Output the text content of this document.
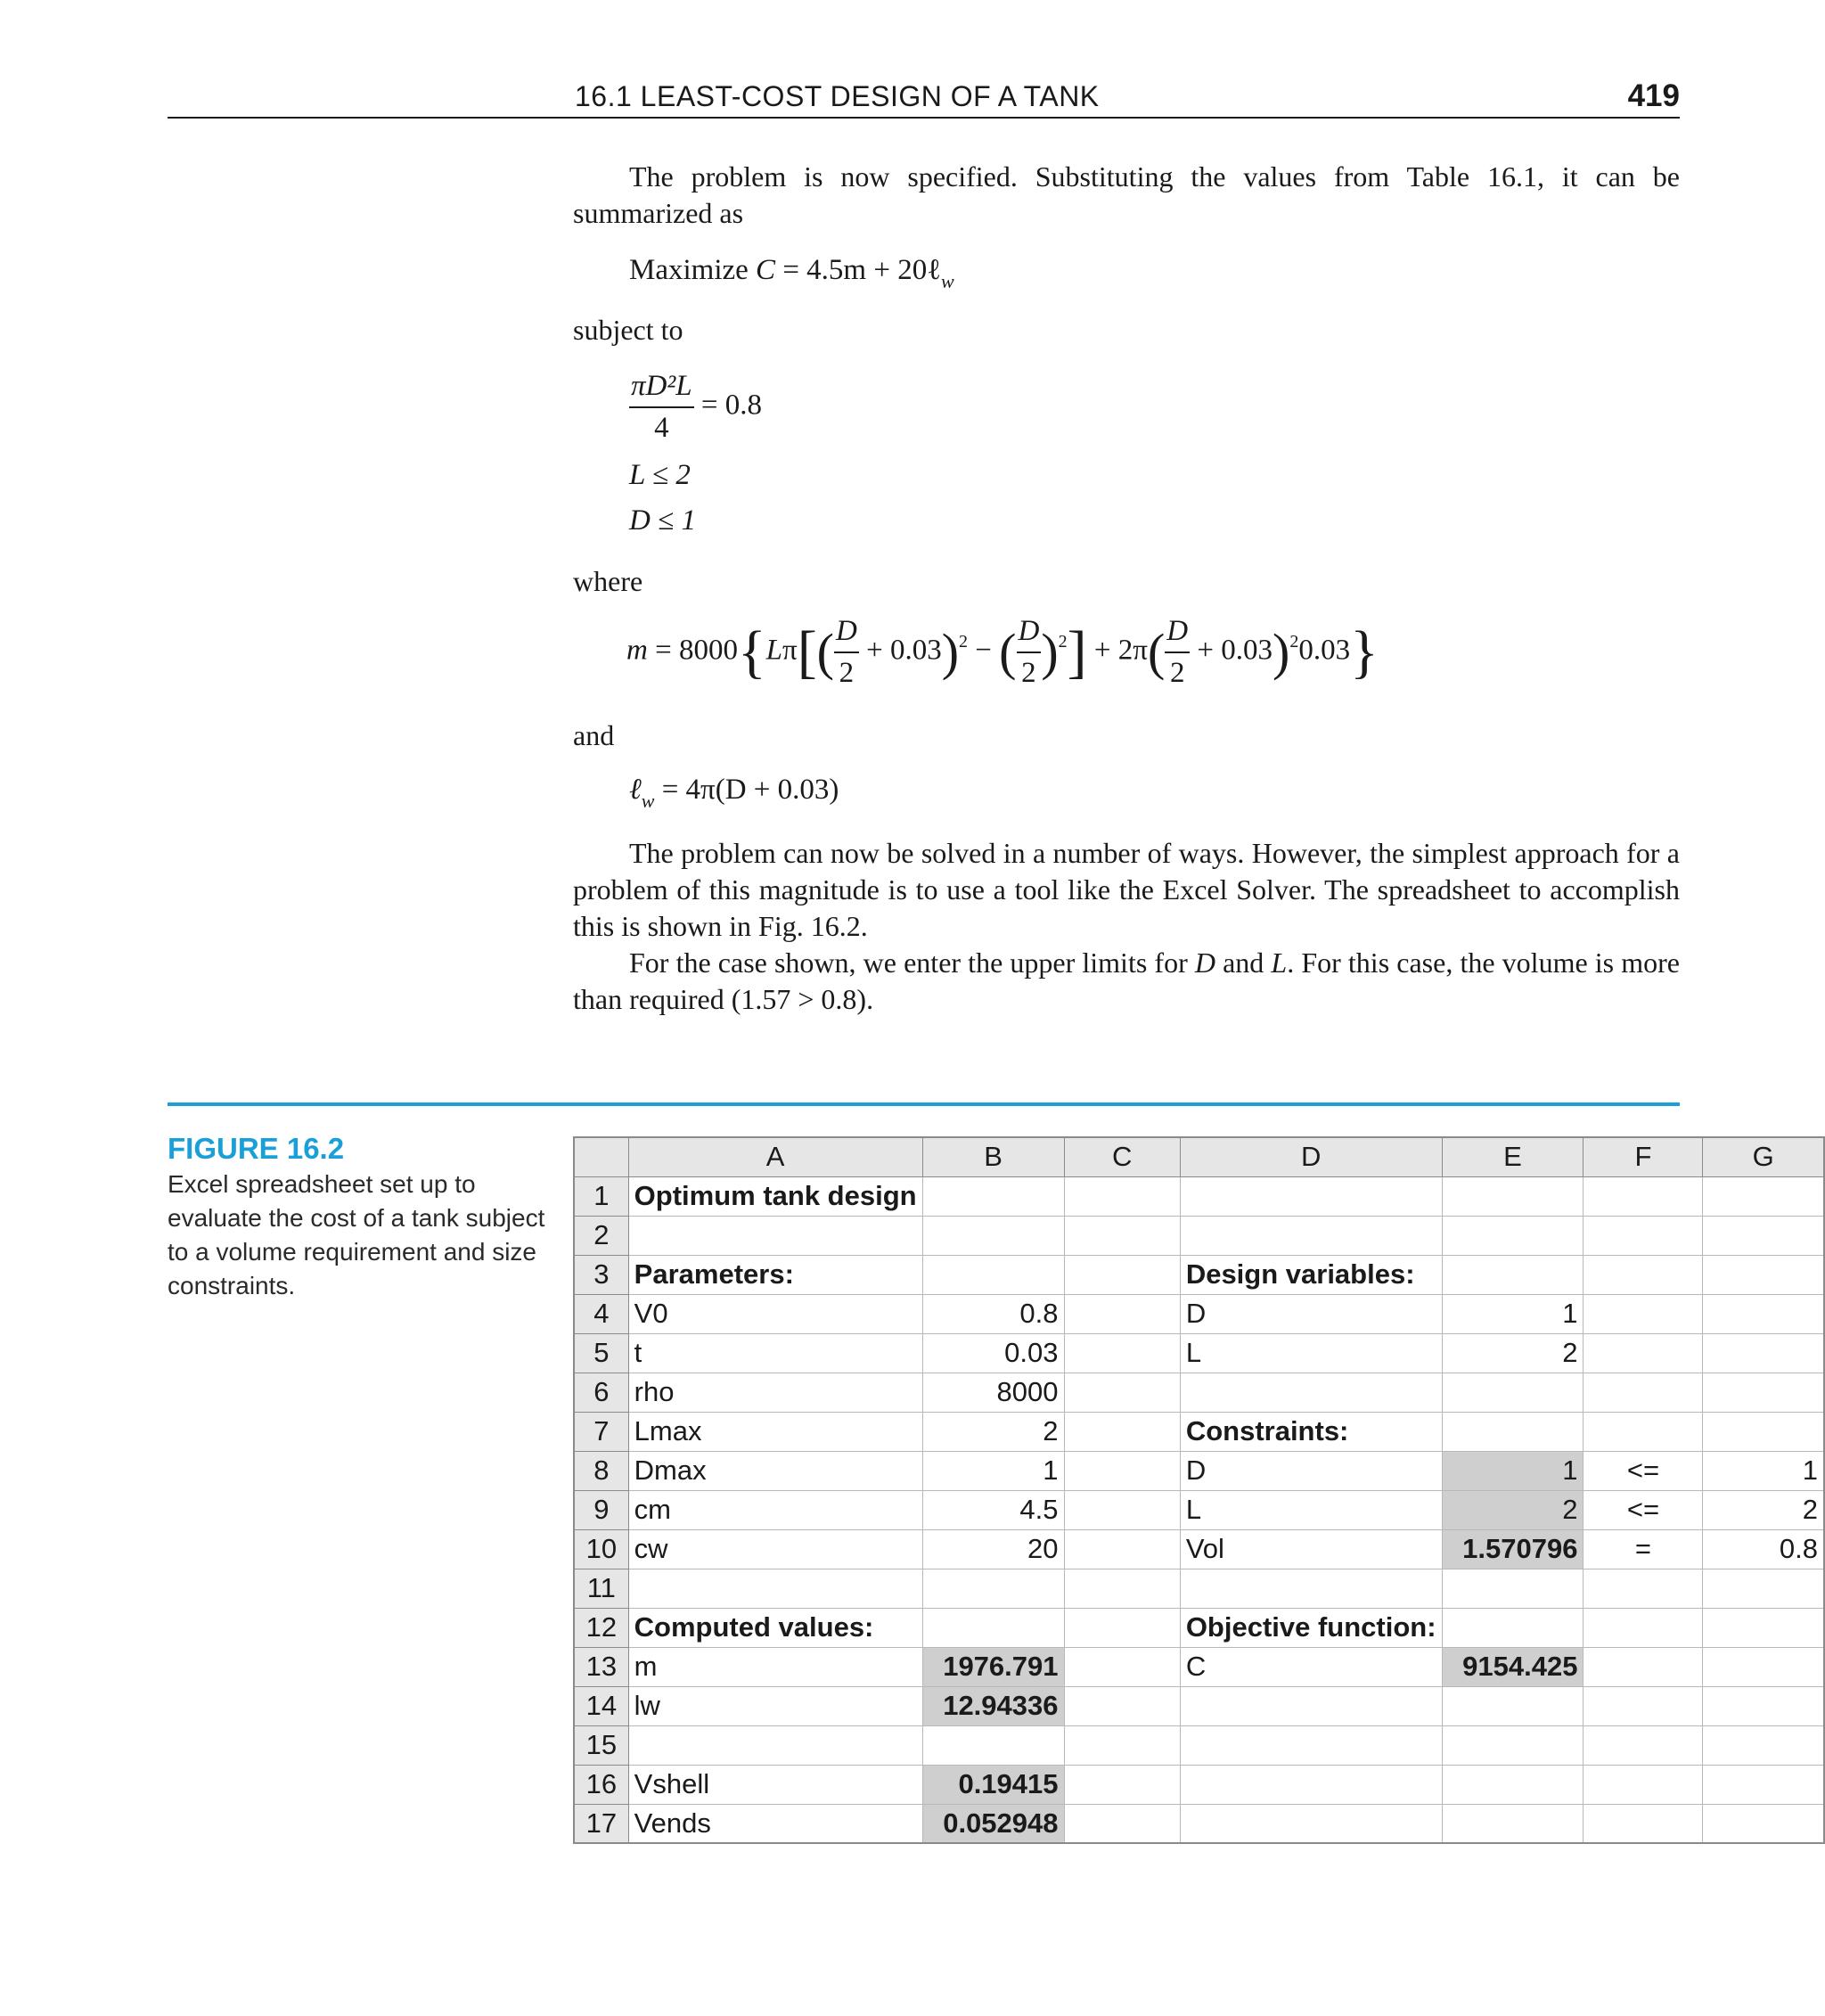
16.1 LEAST-COST DESIGN OF A TANK	419
The problem is now specified. Substituting the values from Table 16.1, it can be summarized as
Maximize C = 4.5m + 20ℓ$_w$
subject to
$\frac{\text{πD²L}}{4} = 0.8$
L ≤ 2
D ≤ 1
where
$m = 8000\{L\pi[( \frac{D}{2} + 0.03)^2$ − ( $\frac{D}{2} )^2] + 2\pi( \frac{D}{2} + 0.03)^20.03$}
and
ℓ$_w$ = 4π(D + 0.03)
The problem can now be solved in a number of ways. However, the simplest approach for a problem of this magnitude is to use a tool like the Excel Solver. The spreadsheet to accomplish this is shown in Fig. 16.2.
For the case shown, we enter the upper limits for D and L. For this case, the volume is more than required (1.57 > 0.8).
FIGURE 16.2
Excel spreadsheet set up to evaluate the cost of a tank subject to a volume requirement and size constraints.
	A	B	C	D	E	F	G
1	Optimum tank design						
2							
3	Parameters:			Design variables:			
4	V0	0.8		D	1		
5	t	0.03		L	2		
6	rho	8000					
7	Lmax	2		Constraints:			
8	Dmax	1		D	1	<=	1
9	cm	4.5		L	2	<=	2
10	cw	20		Vol	1.570796	=	0.8
11							
12	Computed values:			Objective function:			
13	m	1976.791		C	9154.425		
14	lw	12.94336					
15							
16	Vshell	0.19415					
17	Vends	0.052948					
